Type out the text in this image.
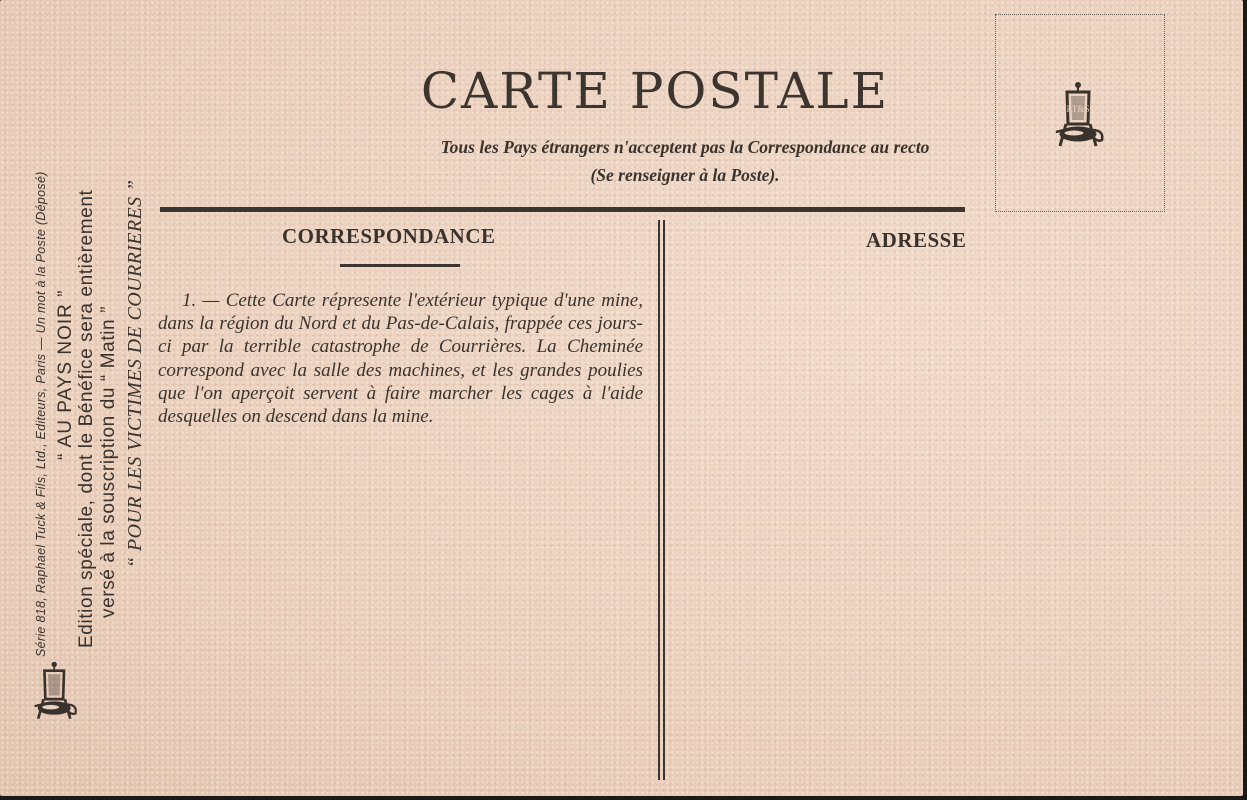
CARTE POSTALE
Tous les Pays étrangers n'acceptent pas la Correspondance au recto
(Se renseigner à la Poste).
RT&S
CORRESPONDANCE	ADRESSE
1. — Cette Carte répresente l'extérieur typique d'une mine, dans la région du Nord et du Pas-de-Calais, frappée ces jours-ci par la terrible catastrophe de Courrières. La Cheminée correspond avec la salle des machines, et les grandes poulies que l'on aperçoit servent à faire marcher les cages à l'aide desquelles on descend dans la mine.
Série 818, Raphael Tuck & Fils, Ltd., Editeurs, Paris — Un mot à la Poste (Déposé) “ AU PAYS NOIR ” Edition spéciale, dont le Bénéfice sera entièrement versé à la souscription du “ Matin ” “ POUR LES VICTIMES DE COURRIERES ”
